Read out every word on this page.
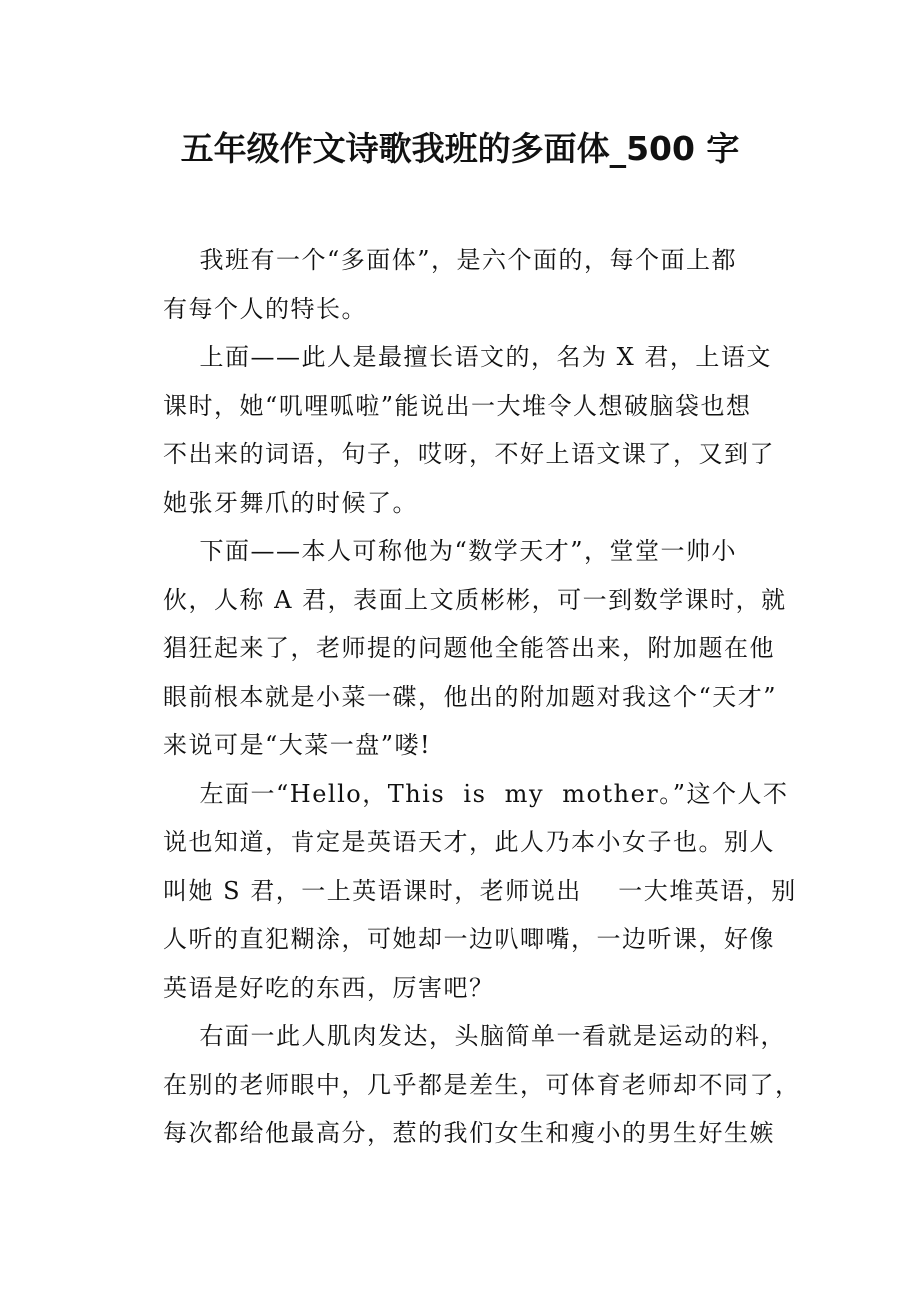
五年级作文诗歌我班的多面体_500 字
我班有一个“多面体”，是六个面的，每个面上都
有每个人的特长。
上面——此人是最擅长语文的，名为 X 君，上语文
课时，她“叽哩呱啦”能说出一大堆令人想破脑袋也想
不出来的词语，句子，哎呀，不好上语文课了，又到了
她张牙舞爪的时候了。
下面——本人可称他为“数学天才”，堂堂一帅小
伙，人称 A 君，表面上文质彬彬，可一到数学课时，就
猖狂起来了，老师提的问题他全能答出来，附加题在他
眼前根本就是小菜一碟，他出的附加题对我这个“天才”
来说可是“大菜一盘”喽!
左面一“Hello，This  is  my  mother。”这个人不
说也知道，肯定是英语天才，此人乃本小女子也。别人
叫她 S 君，一上英语课时，老师说出    一大堆英语，别
人听的直犯糊涂，可她却一边叭唧嘴，一边听课，好像
英语是好吃的东西，厉害吧？
右面一此人肌肉发达，头脑简单一看就是运动的料，
在别的老师眼中，几乎都是差生，可体育老师却不同了，
每次都给他最高分，惹的我们女生和瘦小的男生好生嫉
